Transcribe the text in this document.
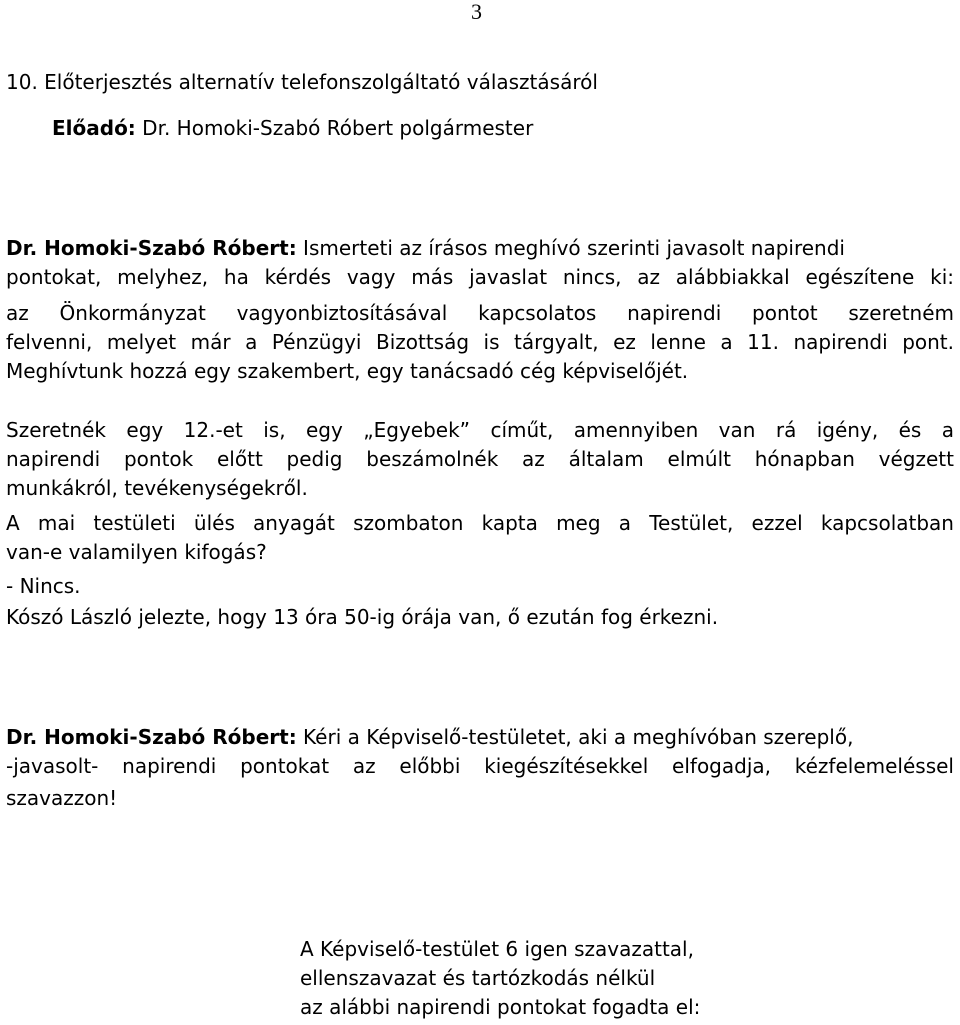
3
10. Előterjesztés alternatív telefonszolgáltató választásáról
Előadó: Dr. Homoki-Szabó Róbert polgármester
Dr. Homoki-Szabó Róbert: Ismerteti az írásos meghívó szerinti javasolt napirendi
pontokat, melyhez, ha kérdés vagy más javaslat nincs, az alábbiakkal egészítene ki:
az Önkormányzat vagyonbiztosításával kapcsolatos napirendi pontot szeretném
felvenni, melyet már a Pénzügyi Bizottság is tárgyalt, ez lenne a 11. napirendi pont.
Meghívtunk hozzá egy szakembert, egy tanácsadó cég képviselőjét.
Szeretnék egy 12.-et is, egy „Egyebek” címűt, amennyiben van rá igény, és a
napirendi pontok előtt pedig beszámolnék az általam elmúlt hónapban végzett
munkákról, tevékenységekről.
A mai testületi ülés anyagát szombaton kapta meg a Testület, ezzel kapcsolatban
van-e valamilyen kifogás?
- Nincs.
Kószó László jelezte, hogy 13 óra 50-ig órája van, ő ezután fog érkezni.
Dr. Homoki-Szabó Róbert: Kéri a Képviselő-testületet, aki a meghívóban szereplő,
-javasolt- napirendi pontokat az előbbi kiegészítésekkel elfogadja, kézfelemeléssel
szavazzon!
A Képviselő-testület 6 igen szavazattal,
ellenszavazat és tartózkodás nélkül
az alábbi napirendi pontokat fogadta el:
